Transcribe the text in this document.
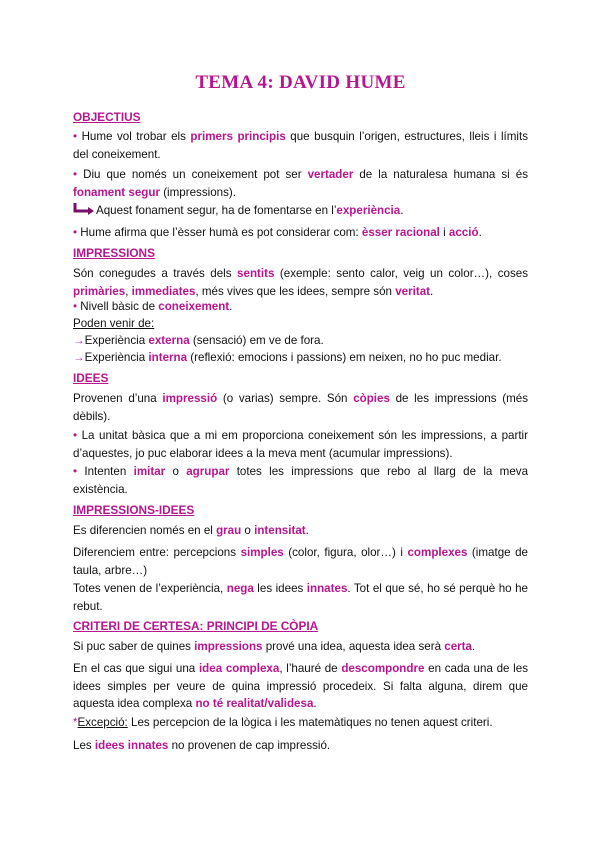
TEMA 4: DAVID HUME
OBJECTIUS
• Hume vol trobar els primers principis que busquin l’origen, estructures, lleis i límits del coneixement.
• Diu que només un coneixement pot ser vertader de la naturalesa humana si és fonament segur (impressions).
Aquest fonament segur, ha de fomentarse en l’experiència.
• Hume afirma que l’èsser humà es pot considerar com: èsser racional i acció.
IMPRESSIONS
Són conegudes a través dels sentits (exemple: sento calor, veig un color…), coses primàries, immediates, més vives que les idees, sempre són veritat.
• Nivell bàsic de coneixement.
Poden venir de:
→Experiència externa (sensació) em ve de fora.
→Experiència interna (reflexió: emocions i passions) em neixen, no ho puc mediar.
IDEES
Provenen d’una impressió (o varias) sempre. Són còpies de les impressions (més dèbils).
• La unitat bàsica que a mi em proporciona coneixement són les impressions, a partir d’aquestes, jo puc elaborar idees a la meva ment (acumular impressions).
• Intenten imitar o agrupar totes les impressions que rebo al llarg de la meva existència.
IMPRESSIONS-IDEES
Es diferencien només en el grau o intensitat.
Diferenciem entre: percepcions simples (color, figura, olor…) i complexes (imatge de taula, arbre…)
Totes venen de l’experiència, nega les idees innates. Tot el que sé, ho sé perquè ho he rebut.
CRITERI DE CERTESA: PRINCIPI DE CÒPIA
Si puc saber de quines impressions prové una idea, aquesta idea serà certa.
En el cas que sigui una idea complexa, l’hauré de descompondre en cada una de les idees simples per veure de quina impressió procedeix. Si falta alguna, direm que aquesta idea complexa no té realitat/validesa.
*Excepció: Les percepcion de la lògica i les matemàtiques no tenen aquest criteri.
Les idees innates no provenen de cap impressió.
